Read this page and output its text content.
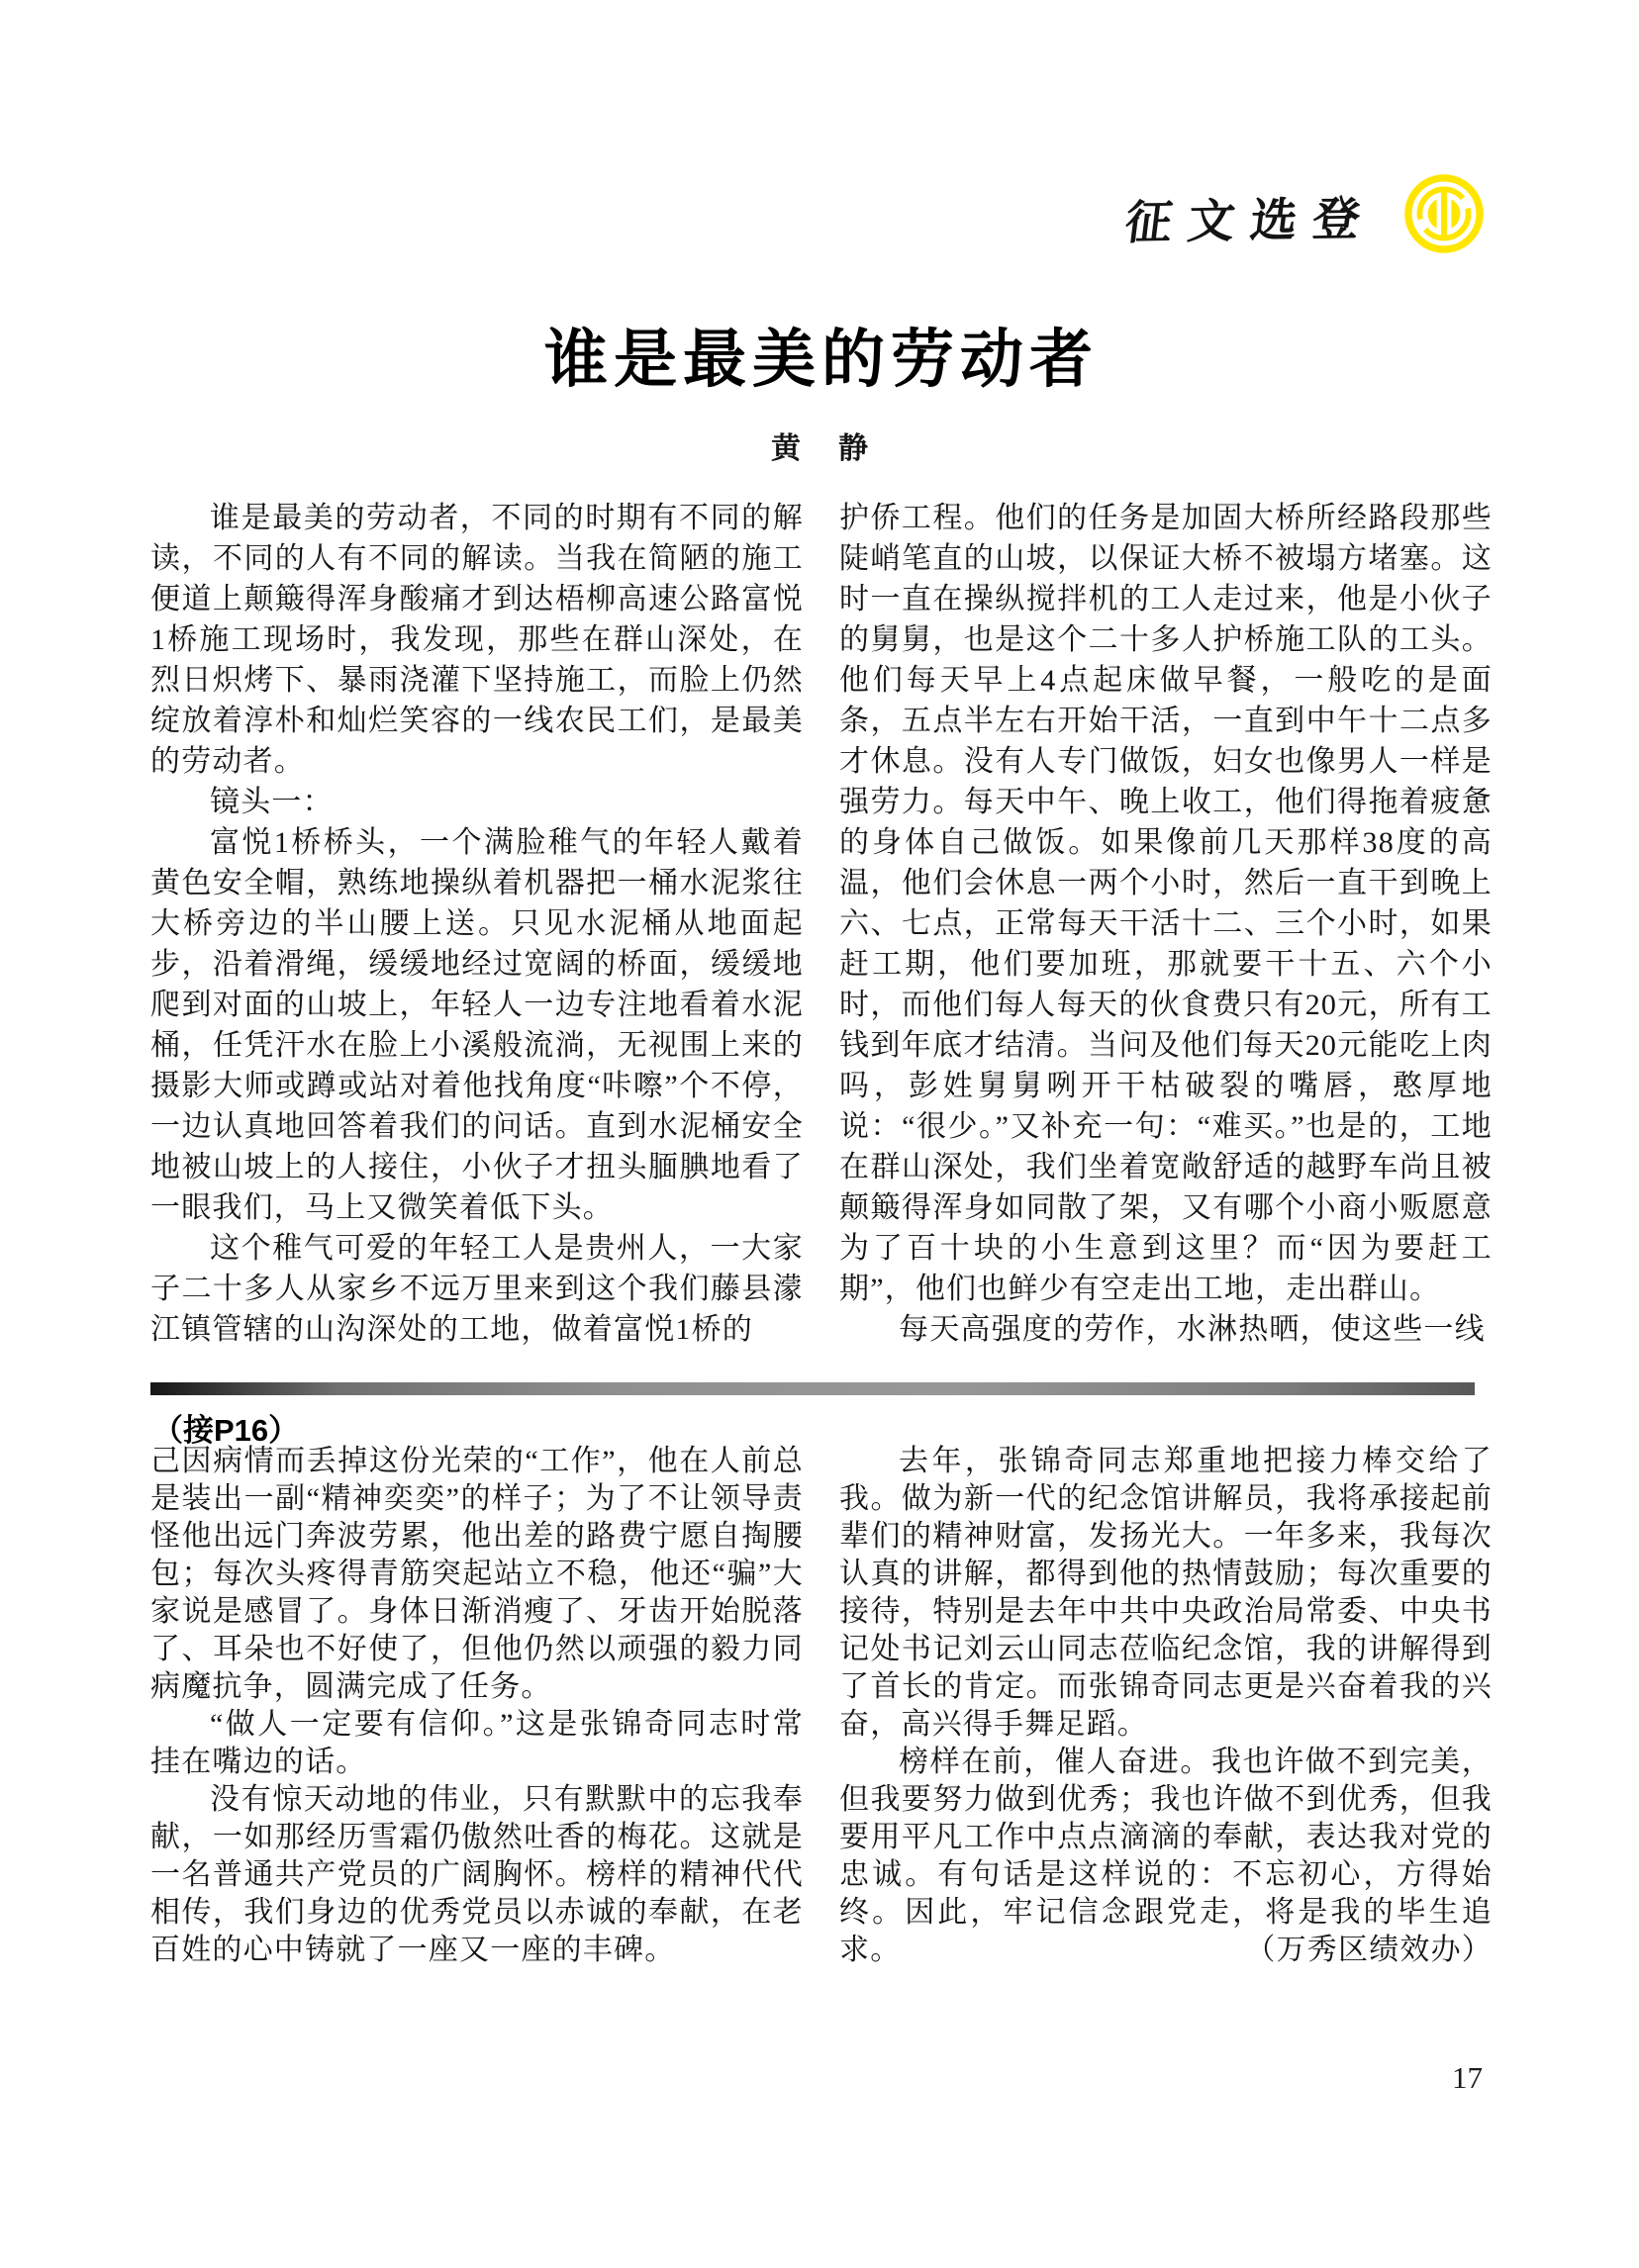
征文选登
谁是最美的劳动者
黄　静

谁是最美的劳动者，不同的时期有不同的解读，不同的人有不同的解读。当我在简陋的施工便道上颠簸得浑身酸痛才到达梧柳高速公路富悦1桥施工现场时，我发现，那些在群山深处，在烈日炽烤下、暴雨浇灌下坚持施工，而脸上仍然绽放着淳朴和灿烂笑容的一线农民工们，是最美的劳动者。

镜头一：

富悦1桥桥头，一个满脸稚气的年轻人戴着黄色安全帽，熟练地操纵着机器把一桶水泥浆往大桥旁边的半山腰上送。只见水泥桶从地面起步，沿着滑绳，缓缓地经过宽阔的桥面，缓缓地爬到对面的山坡上，年轻人一边专注地看着水泥桶，任凭汗水在脸上小溪般流淌，无视围上来的摄影大师或蹲或站对着他找角度“咔嚓”个不停，一边认真地回答着我们的问话。直到水泥桶安全地被山坡上的人接住，小伙子才扭头腼腆地看了一眼我们，马上又微笑着低下头。

这个稚气可爱的年轻工人是贵州人，一大家子二十多人从家乡不远万里来到这个我们藤县濛江镇管辖的山沟深处的工地，做着富悦1桥的

护侨工程。他们的任务是加固大桥所经路段那些陡峭笔直的山坡，以保证大桥不被塌方堵塞。这时一直在操纵搅拌机的工人走过来，他是小伙子的舅舅，也是这个二十多人护桥施工队的工头。他们每天早上4点起床做早餐，一般吃的是面条，五点半左右开始干活，一直到中午十二点多才休息。没有人专门做饭，妇女也像男人一样是强劳力。每天中午、晚上收工，他们得拖着疲惫的身体自己做饭。如果像前几天那样38度的高温，他们会休息一两个小时，然后一直干到晚上六、七点，正常每天干活十二、三个小时，如果赶工期，他们要加班，那就要干十五、六个小时，而他们每人每天的伙食费只有20元，所有工钱到年底才结清。当问及他们每天20元能吃上肉吗，彭姓舅舅咧开干枯破裂的嘴唇，憨厚地说：“很少。”又补充一句：“难买。”也是的，工地在群山深处，我们坐着宽敞舒适的越野车尚且被颠簸得浑身如同散了架，又有哪个小商小贩愿意为了百十块的小生意到这里？而“因为要赶工期”，他们也鲜少有空走出工地，走出群山。

每天高强度的劳作，水淋热晒，使这些一线

（接P16）

己因病情而丢掉这份光荣的“工作”，他在人前总是装出一副“精神奕奕”的样子；为了不让领导责怪他出远门奔波劳累，他出差的路费宁愿自掏腰包；每次头疼得青筋突起站立不稳，他还“骗”大家说是感冒了。身体日渐消瘦了、牙齿开始脱落了、耳朵也不好使了，但他仍然以顽强的毅力同病魔抗争，圆满完成了任务。

“做人一定要有信仰。”这是张锦奇同志时常挂在嘴边的话。

没有惊天动地的伟业，只有默默中的忘我奉献，一如那经历雪霜仍傲然吐香的梅花。这就是一名普通共产党员的广阔胸怀。榜样的精神代代相传，我们身边的优秀党员以赤诚的奉献，在老百姓的心中铸就了一座又一座的丰碑。

去年，张锦奇同志郑重地把接力棒交给了我。做为新一代的纪念馆讲解员，我将承接起前辈们的精神财富，发扬光大。一年多来，我每次认真的讲解，都得到他的热情鼓励；每次重要的接待，特别是去年中共中央政治局常委、中央书记处书记刘云山同志莅临纪念馆，我的讲解得到了首长的肯定。而张锦奇同志更是兴奋着我的兴奋，高兴得手舞足蹈。

榜样在前，催人奋进。我也许做不到完美，但我要努力做到优秀；我也许做不到优秀，但我要用平凡工作中点点滴滴的奉献，表达我对党的忠诚。有句话是这样说的：不忘初心，方得始终。因此，牢记信念跟党走，将是我的毕生追求。	（万秀区绩效办）

17
